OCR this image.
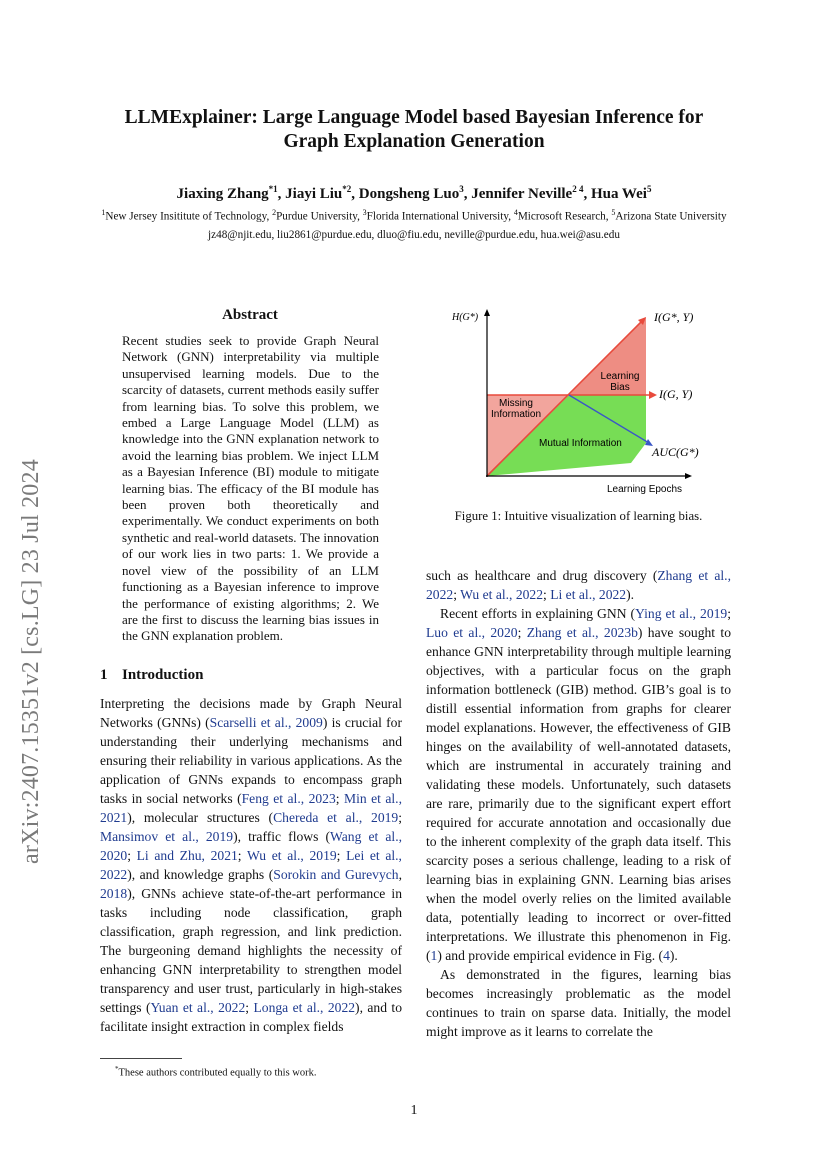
arXiv:2407.15351v2 [cs.LG] 23 Jul 2024
LLMExplainer: Large Language Model based Bayesian Inference for
Graph Explanation Generation
Jiaxing Zhang$^{*1}$, Jiayi Liu$^{*2}$, Dongsheng Luo$^3$, Jennifer Neville$^{2 4}$, Hua Wei$^5$
$^1$New Jersey Insititute of Technology, $^2$Purdue University, $^3$Florida International University, $^4$Microsoft Research, $^5$Arizona State University
jz48@njit.edu, liu2861@purdue.edu, dluo@fiu.edu, neville@purdue.edu, hua.wei@asu.edu
Abstract
Recent studies seek to provide Graph Neural Network (GNN) interpretability via multiple unsupervised learning models. Due to the scarcity of datasets, current methods easily suffer from learning bias. To solve this problem, we embed a Large Language Model (LLM) as knowledge into the GNN explanation network to avoid the learning bias problem. We inject LLM as a Bayesian Inference (BI) module to mitigate learning bias. The efficacy of the BI module has been proven both theoretically and experimentally. We conduct experiments on both synthetic and real-world datasets. The innovation of our work lies in two parts: 1. We provide a novel view of the possibility of an LLM functioning as a Bayesian inference to improve the performance of existing algorithms; 2. We are the first to discuss the learning bias issues in the GNN explanation problem.
1 Introduction

Interpreting the decisions made by Graph Neural Networks (GNNs) (Scarselli et al., 2009) is crucial for understanding their underlying mechanisms and ensuring their reliability in various applications. As the application of GNNs expands to encompass graph tasks in social networks (Feng et al., 2023; Min et al., 2021), molecular structures (Chereda et al., 2019; Mansimov et al., 2019), traffic flows (Wang et al., 2020; Li and Zhu, 2021; Wu et al., 2019; Lei et al., 2022), and knowledge graphs (Sorokin and Gurevych, 2018), GNNs achieve state-of-the-art performance in tasks including node classification, graph classification, graph regression, and link prediction. The burgeoning demand highlights the necessity of enhancing GNN interpretability to strengthen model transparency and user trust, particularly in high-stakes settings (Yuan et al., 2022; Longa et al., 2022), and to facilitate insight extraction in complex fields

*These authors contributed equally to this work.
H(G*)
Learning Epochs
I(G*, Y)
I(G, Y)
AUC(G*)
Learning
Bias
Missing
Information
Mutual Information
Figure 1: Intuitive visualization of learning bias.

such as healthcare and drug discovery (Zhang et al., 2022; Wu et al., 2022; Li et al., 2022).

Recent efforts in explaining GNN (Ying et al., 2019; Luo et al., 2020; Zhang et al., 2023b) have sought to enhance GNN interpretability through multiple learning objectives, with a particular focus on the graph information bottleneck (GIB) method. GIB’s goal is to distill essential information from graphs for clearer model explanations. However, the effectiveness of GIB hinges on the availability of well-annotated datasets, which are instrumental in accurately training and validating these models. Unfortunately, such datasets are rare, primarily due to the significant expert effort required for accurate annotation and occasionally due to the inherent complexity of the graph data itself. This scarcity poses a serious challenge, leading to a risk of learning bias in explaining GNN. Learning bias arises when the model overly relies on the limited available data, potentially leading to incorrect or over-fitted interpretations. We illustrate this phenomenon in Fig. (1) and provide empirical evidence in Fig. (4).

As demonstrated in the figures, learning bias becomes increasingly problematic as the model continues to train on sparse data. Initially, the model might improve as it learns to correlate the

1
